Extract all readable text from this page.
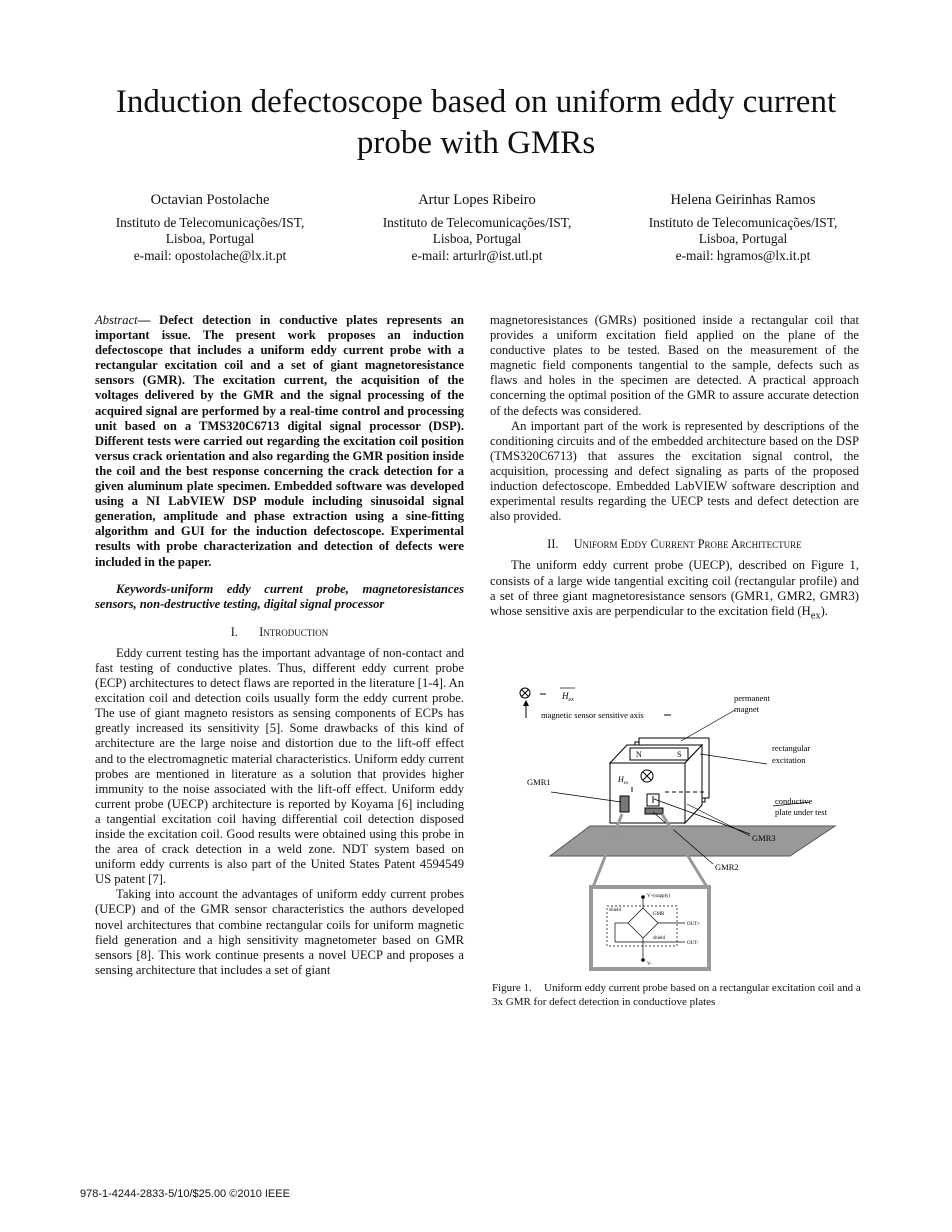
Induction defectoscope based on uniform eddy current probe with GMRs
Octavian Postolache
Instituto de Telecomunicações/IST,
Lisboa, Portugal
e-mail: opostolache@lx.it.pt
Artur Lopes Ribeiro
Instituto de Telecomunicações/IST,
Lisboa, Portugal
e-mail: arturlr@ist.utl.pt
Helena Geirinhas Ramos
Instituto de Telecomunicações/IST,
Lisboa, Portugal
e-mail: hgramos@lx.it.pt

Abstract— Defect detection in conductive plates represents an important issue. The present work proposes an induction defectoscope that includes a uniform eddy current probe with a rectangular excitation coil and a set of giant magnetoresistance sensors (GMR). The excitation current, the acquisition of the voltages delivered by the GMR and the signal processing of the acquired signal are performed by a real-time control and processing unit based on a TMS320C6713 digital signal processor (DSP). Different tests were carried out regarding the excitation coil position versus crack orientation and also regarding the GMR position inside the coil and the best response concerning the crack detection for a given aluminum plate specimen. Embedded software was developed using a NI LabVIEW DSP module including sinusoidal signal generation, amplitude and phase extraction using a sine-fitting algorithm and GUI for the induction defectoscope. Experimental results with probe characterization and detection of defects were included in the paper.

Keywords-uniform eddy current probe, magnetoresistances sensors, non-destructive testing, digital signal processor

I. Introduction

Eddy current testing has the important advantage of non-contact and fast testing of conductive plates. Thus, different eddy current probe (ECP) architectures to detect flaws are reported in the literature [1-4]. An excitation coil and detection coils usually form the eddy current probe. The use of giant magneto resistors as sensing components of ECPs has greatly increased its sensitivity [5]. Some drawbacks of this kind of architecture are the large noise and distortion due to the lift-off effect and to the electromagnetic material characteristics. Uniform eddy current probes are mentioned in literature as a solution that provides higher immunity to the noise associated with the lift-off effect. Uniform eddy current probe (UECP) architecture is reported by Koyama [6] including a tangential excitation coil having differential coil detection disposed inside the excitation coil. Good results were obtained using this probe in the area of crack detection in a weld zone. NDT system based on uniform eddy currents is also part of the United States Patent 4594549 US patent [7].

Taking into account the advantages of uniform eddy current probes (UECP) and of the GMR sensor characteristics the authors developed novel architectures that combine rectangular coils for uniform magnetic field generation and a high sensitivity magnetometer based on GMR sensors [8]. This work continue presents a novel UECP and proposes a sensing architecture that includes a set of giant

magnetoresistances (GMRs) positioned inside a rectangular coil that provides a uniform excitation field applied on the plane of the conductive plates to be tested. Based on the measurement of the magnetic field components tangential to the sample, defects such as flaws and holes in the specimen are detected. A practical approach concerning the optimal position of the GMR to assure accurate detection of the defects was considered.

An important part of the work is represented by descriptions of the conditioning circuits and of the embedded architecture based on the DSP (TMS320C6713) that assures the excitation signal control, the acquisition, processing and defect signaling as parts of the proposed induction defectoscope. Embedded LabVIEW software description and experimental results regarding the UECP tests and defect detection are also provided.

II. Uniform Eddy Current Probe Architecture

The uniform eddy current probe (UECP), described on Figure 1, consists of a large wide tangential exciting coil (rectangular profile) and a set of three giant magnetoresistance sensors (GMR1, GMR2, GMR3) whose sensitive axis are perpendicular to the excitation field $(H_{ex})$.

$H_{ex}$
magnetic sensor sensitive axis
N	S
$H_{ex}$
permanent
magnet
rectangular
excitation
GMR1
conductive
plate under test
GMR3
GMR2
V+(supply)
V-
shield
shield
GMR
OUT+
OUT-
Figure 1. Uniform eddy current probe based on a rectangular excitation coil and a 3x GMR for defect detection in conductiove plates
978-1-4244-2833-5/10/$25.00 ©2010 IEEE
